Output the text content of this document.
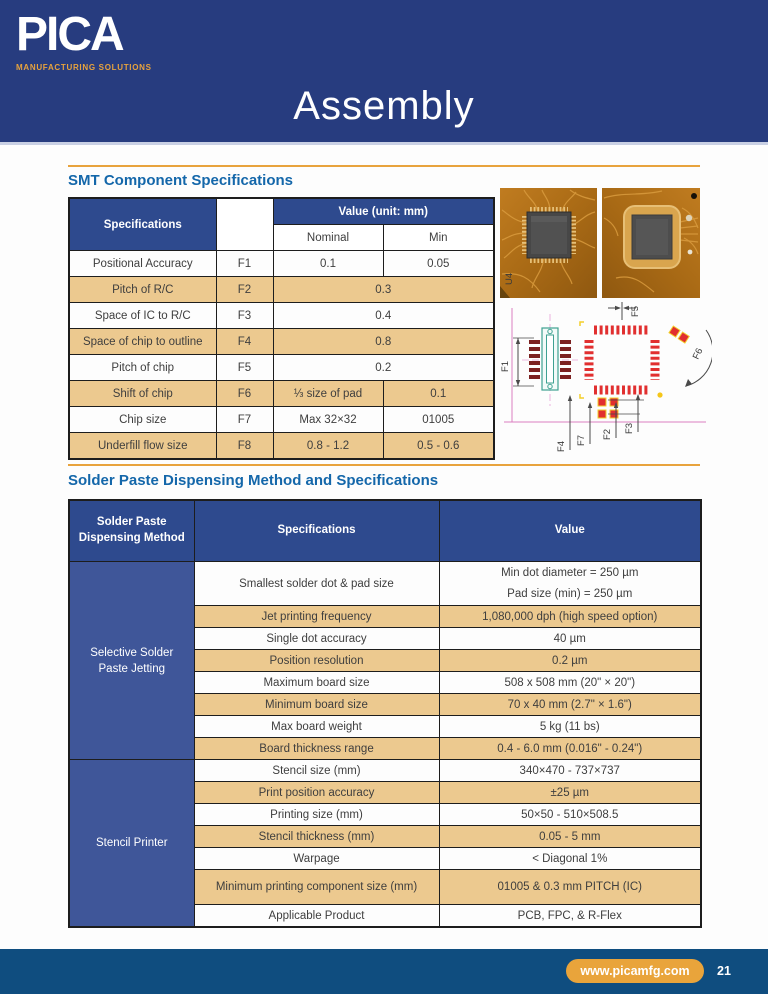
PICA
MANUFACTURING SOLUTIONS
Assembly
SMT Component Specifications
Specifications		Value (unit: mm)	
		Nominal	Min
Positional Accuracy	F1	0.1	0.05
Pitch of R/C	F2	0.3	
Space of IC to R/C	F3	0.4	
Space of chip to outline	F4	0.8	
Pitch of chip	F5	0.2	
Shift of chip	F6	⅓ size of pad	0.1
Chip size	F7	Max 32×32	01005
Underfill flow size	F8	0.8 - 1.2	0.5 - 0.6
U4
F1
F5
F6
F4
F7
F2
F3
Solder Paste Dispensing Method and Specifications
Solder Paste Dispensing Method	Specifications	Value
Selective Solder Paste Jetting	Smallest solder dot & pad size	Min dot diameter = 250 µm
Pad size (min) = 250 µm

	Jet printing frequency	1,080,000 dph (high speed option)
	Single dot accuracy	40 µm
	Position resolution	0.2 µm
	Maximum board size	508 x 508 mm (20" × 20")
	Minimum board size	70 x 40 mm (2.7" × 1.6")
	Max board weight	5 kg (11 bs)
	Board thickness range	0.4 - 6.0 mm (0.016" - 0.24")
Stencil Printer	Stencil size (mm)	340×470 - 737×737
	Print position accuracy	±25 µm
	Printing size (mm)	50×50 - 510×508.5
	Stencil thickness (mm)	0.05 - 5 mm
	Warpage	< Diagonal 1%
	Minimum printing component size (mm)	01005 & 0.3 mm PITCH (IC)
	Applicable Product	PCB, FPC, & R-Flex
www.picamfg.com	21
